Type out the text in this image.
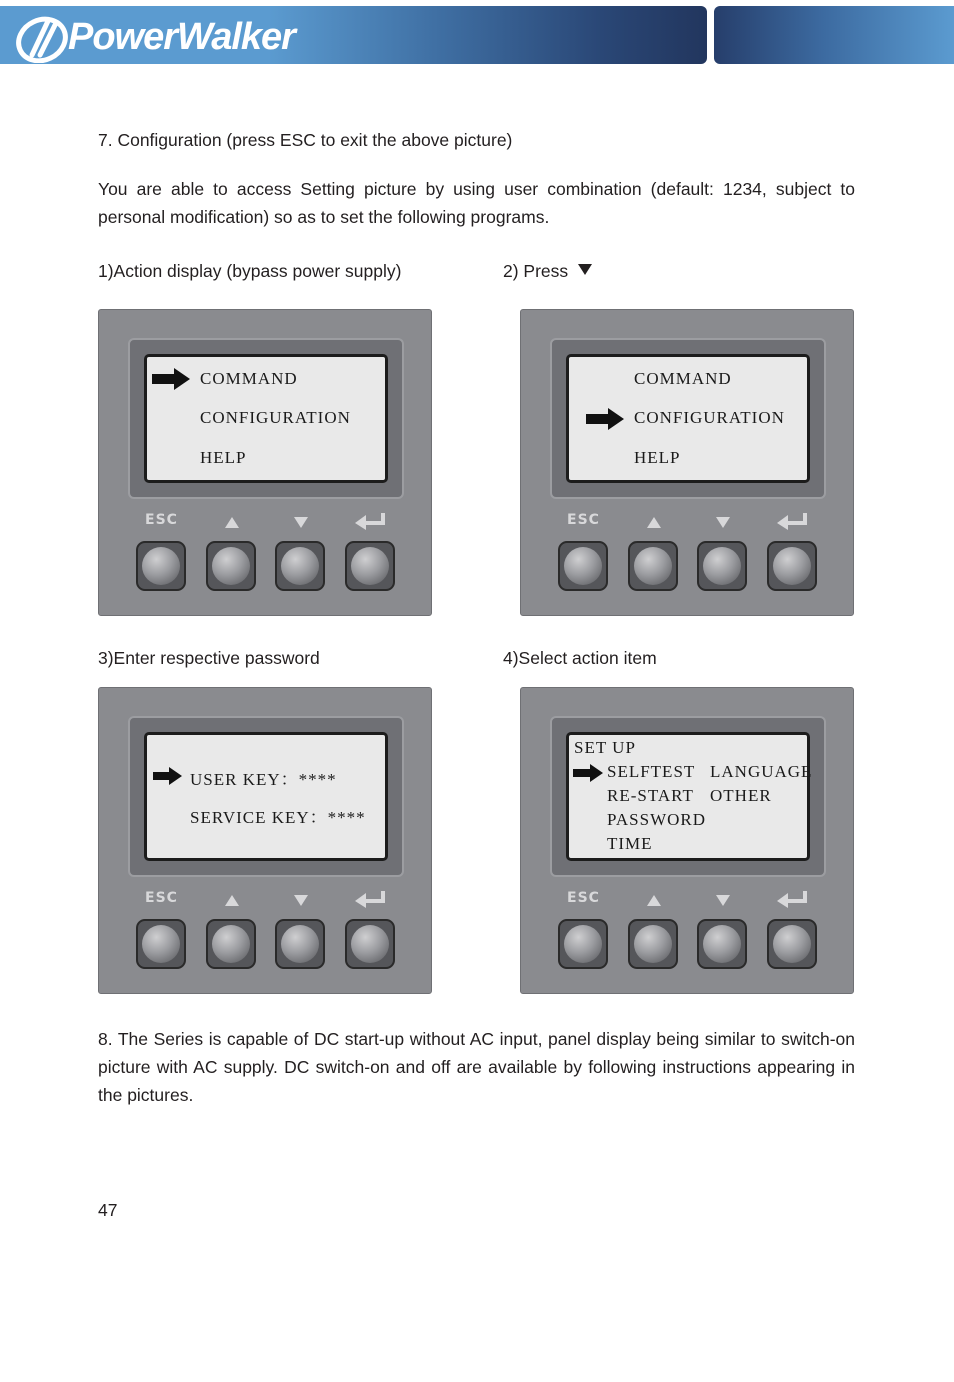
PowerWalker
7. Configuration (press ESC to exit the above picture)
You are able to access Setting picture by using user combination (default: 1234, subject to personal modification) so as to set the following programs.
1)Action display (bypass power supply)	2) Press
COMMAND
CONFIGURATION
HELP
ESC
COMMAND
CONFIGURATION
HELP
ESC
3)Enter respective password	4)Select action item
USER KEY：****
SERVICE KEY：****
ESC
SET UP
SELFTEST
RE-START
PASSWORD
TIME
LANGUAGE
OTHER
ESC
8. The Series is capable of DC start-up without AC input, panel display being similar to switch-on picture with AC supply. DC switch-on and off are available by following instructions appearing in the pictures.
47
